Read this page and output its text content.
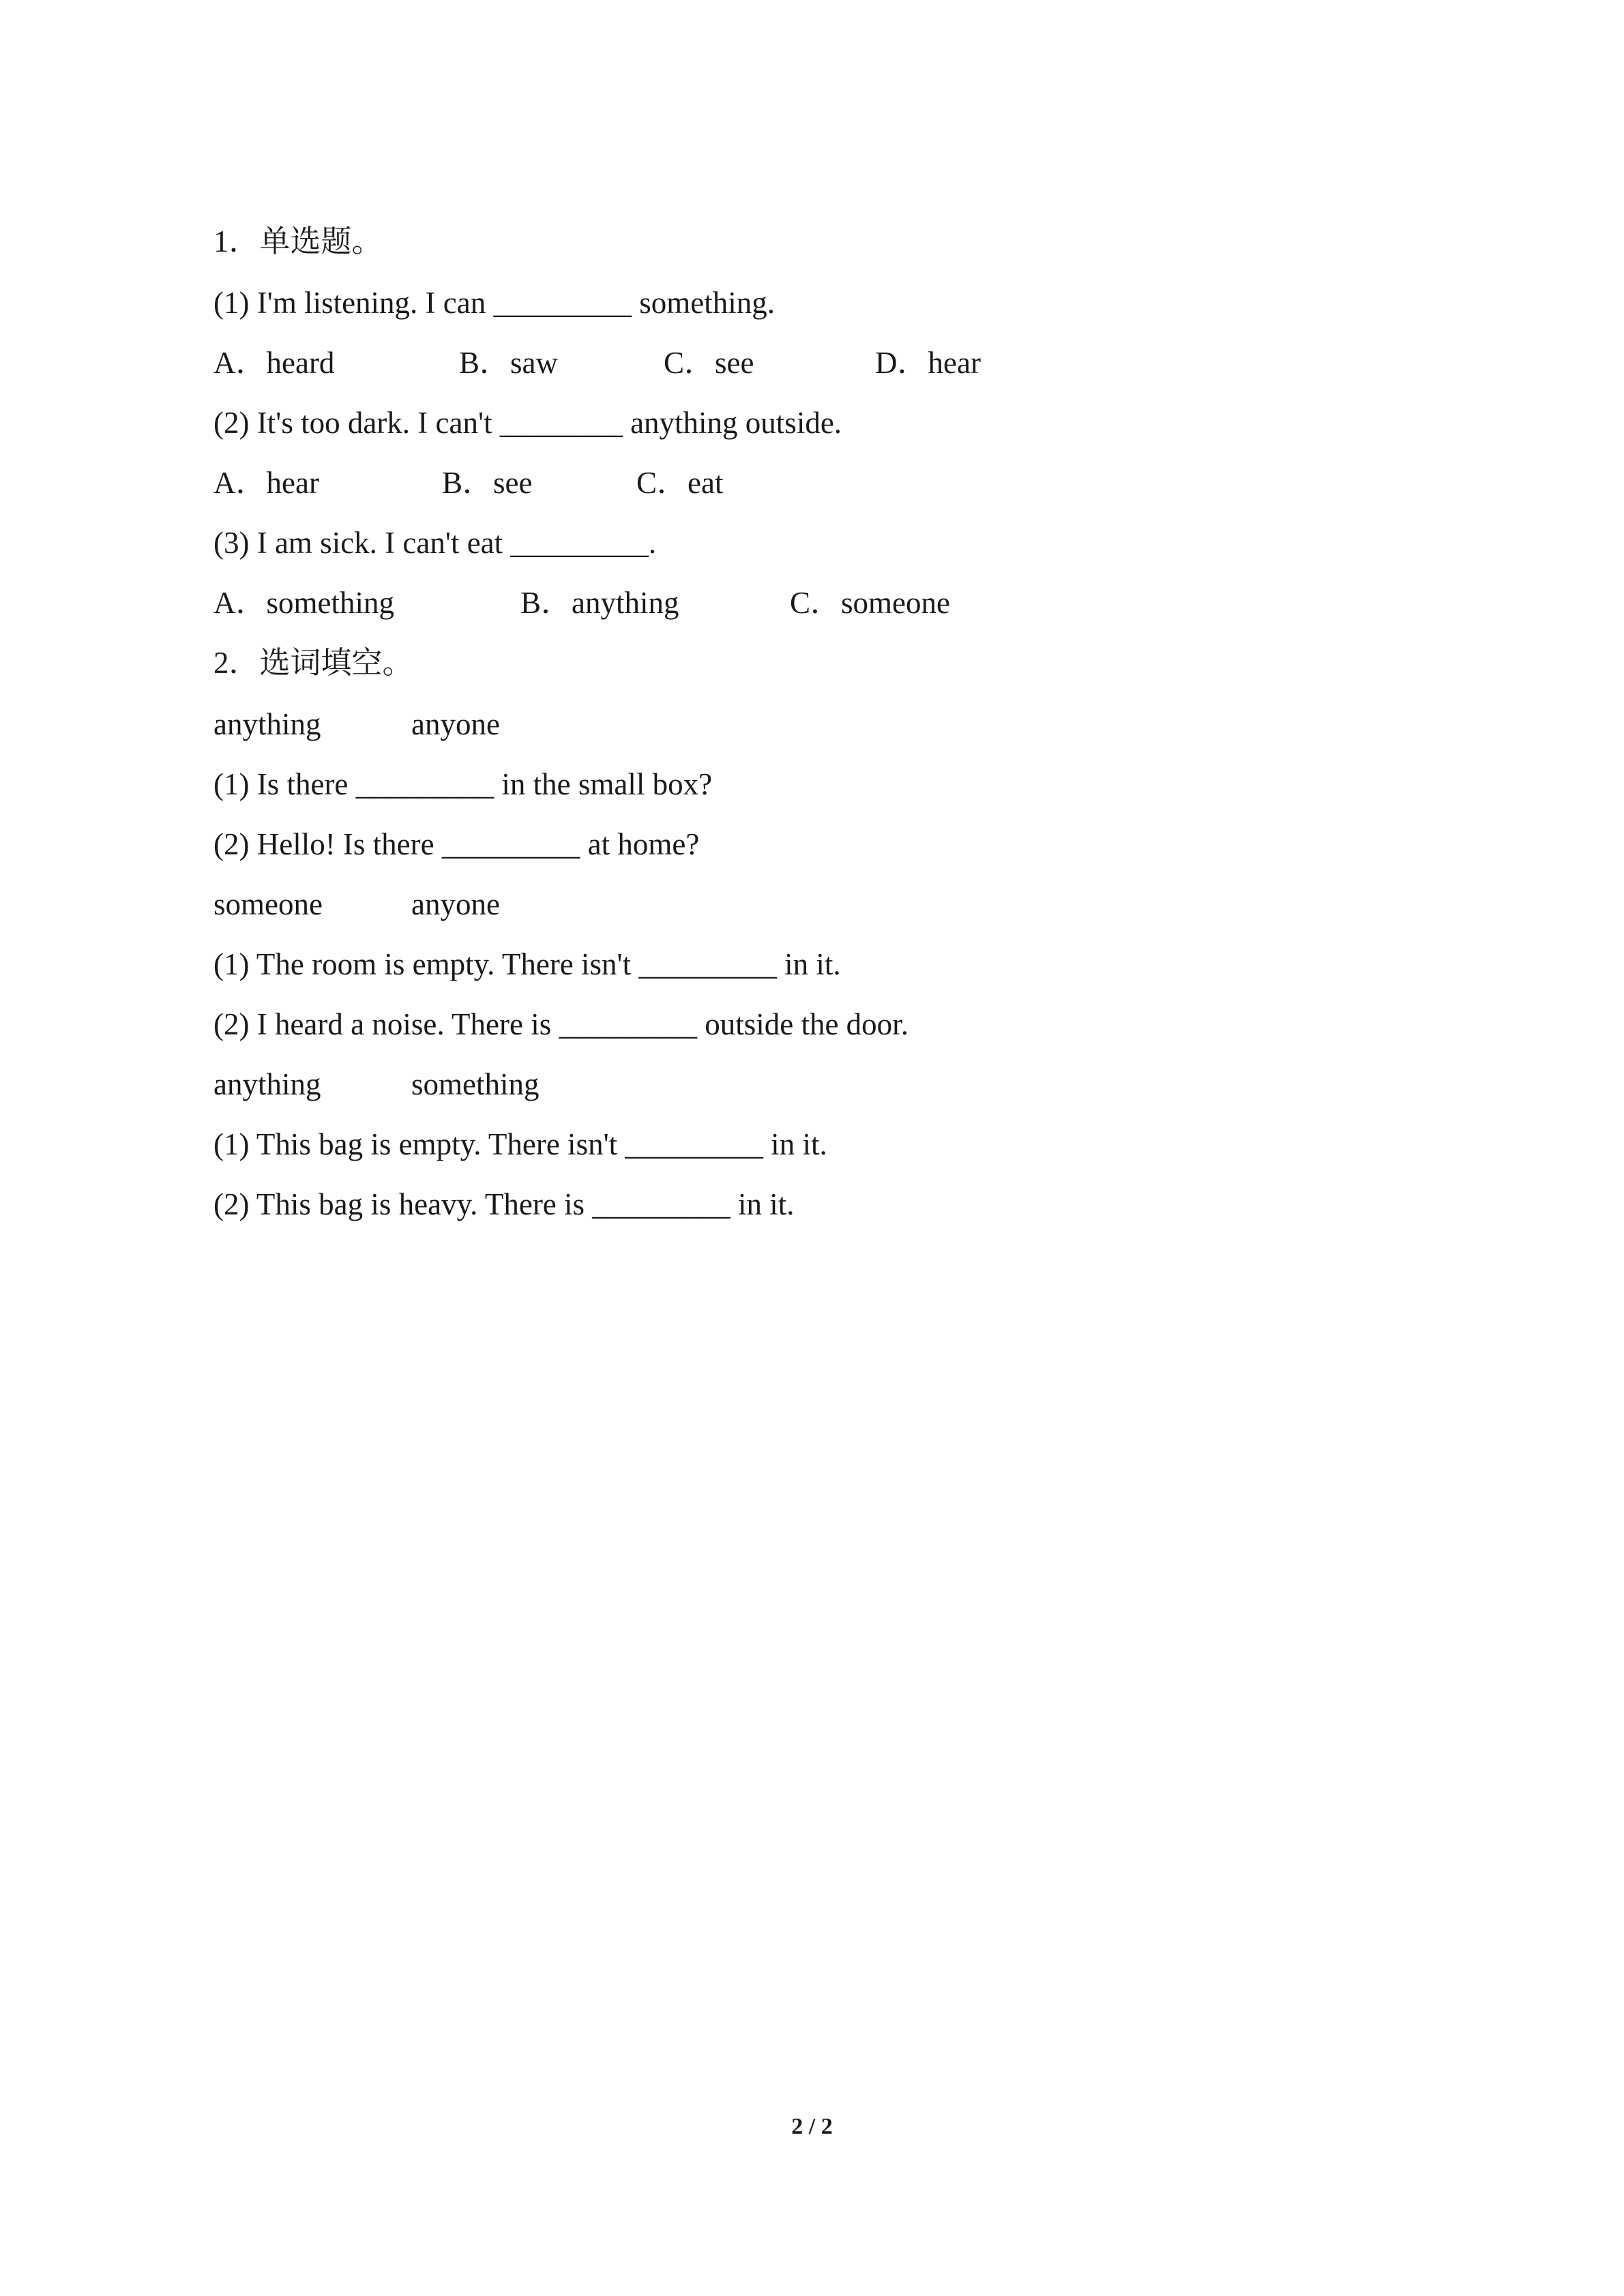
1．单选题。
(1) I'm listening. I can _________ something.
A．heard	B．saw	C．see	D．hear
(2) It's too dark. I can't ________ anything outside.
A．hear	B．see	C．eat
(3) I am sick. I can't eat _________.
A．something	B．anything	C．someone
2．选词填空。
anything	anyone
(1) Is there _________ in the small box?
(2) Hello! Is there _________ at home?
someone	anyone
(1) The room is empty. There isn't _________ in it.
(2) I heard a noise. There is _________ outside the door.
anything	something
(1) This bag is empty. There isn't _________ in it.
(2) This bag is heavy. There is _________ in it.
2 / 2
